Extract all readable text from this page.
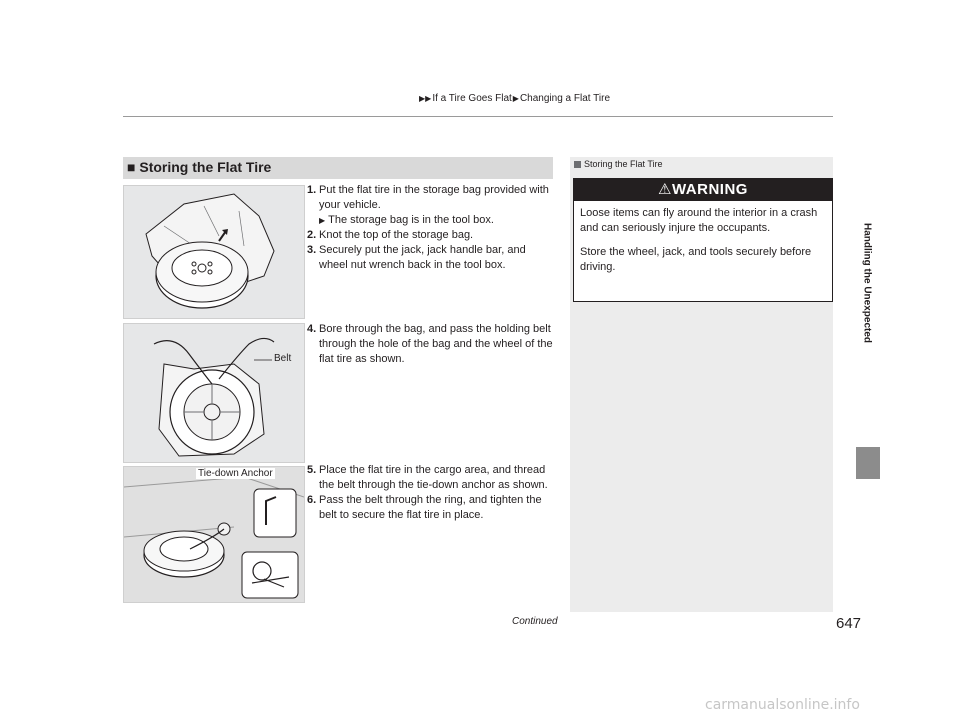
▶▶If a Tire Goes Flat▶Changing a Flat Tire
Handling the Unexpected
■ Storing the Flat Tire
1. Put the flat tire in the storage bag provided with your vehicle.
▶ The storage bag is in the tool box.
2. Knot the top of the storage bag.
3. Securely put the jack, jack handle bar, and wheel nut wrench back in the tool box.
Belt
4. Bore through the bag, and pass the holding belt through the hole of the bag and the wheel of the flat tire as shown.
Tie-down Anchor	5. Place the flat tire in the cargo area, and thread the belt through the tie-down anchor as shown.
6. Pass the belt through the ring, and tighten the belt to secure the flat tire in place.
Storing the Flat Tire
⚠WARNING

Loose items can fly around the interior in a crash and can seriously injure the occupants.

Store the wheel, jack, and tools securely before driving.

Continued	647
carmanualsonline.info
